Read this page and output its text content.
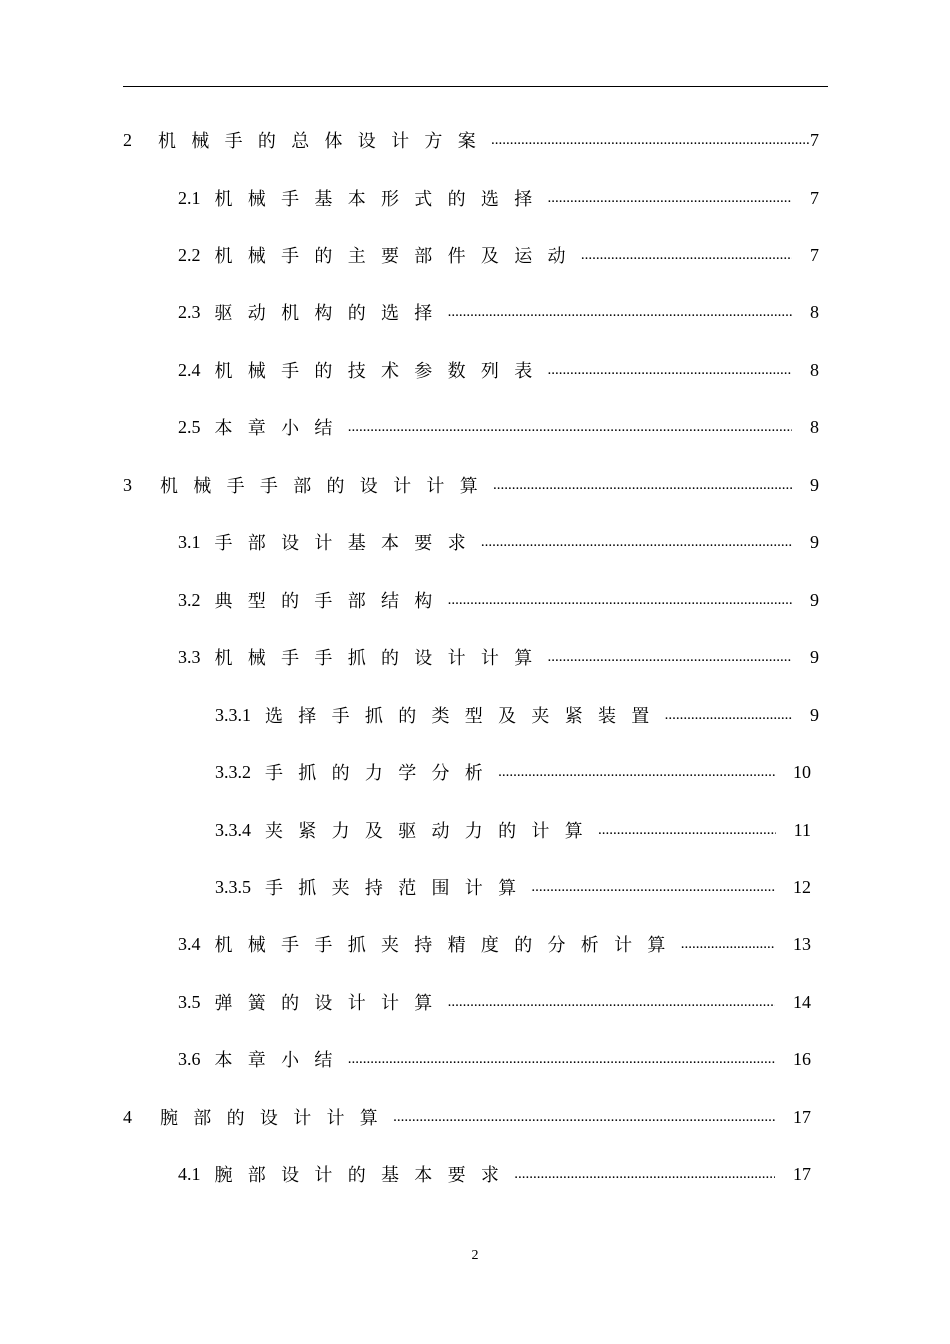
2 机械手的总体设计方案 .....	7
2.1 机械手基本形式的选择 .....	7
2.2 机械手的主要部件及运动 .....	7
2.3 驱动机构的选择 .....	8
2.4 机械手的技术参数列表 .....	8
2.5 本章小结 .....	8
3 机械手手部的设计计算 .....	9
3.1 手部设计基本要求 .....	9
3.2 典型的手部结构 .....	9
3.3 机械手手抓的设计计算 .....	9
3.3.1 选择手抓的类型及夹紧装置 .....	9
3.3.2 手抓的力学分析 .....	10
3.3.4 夹紧力及驱动力的计算 .....	11
3.3.5 手抓夹持范围计算 .....	12
3.4 机械手手抓夹持精度的分析计算 .....	13
3.5 弹簧的设计计算 .....	14
3.6 本章小结 .....	16
4 腕部的设计计算 .....	17
4.1 腕部设计的基本要求 .....	17
2
